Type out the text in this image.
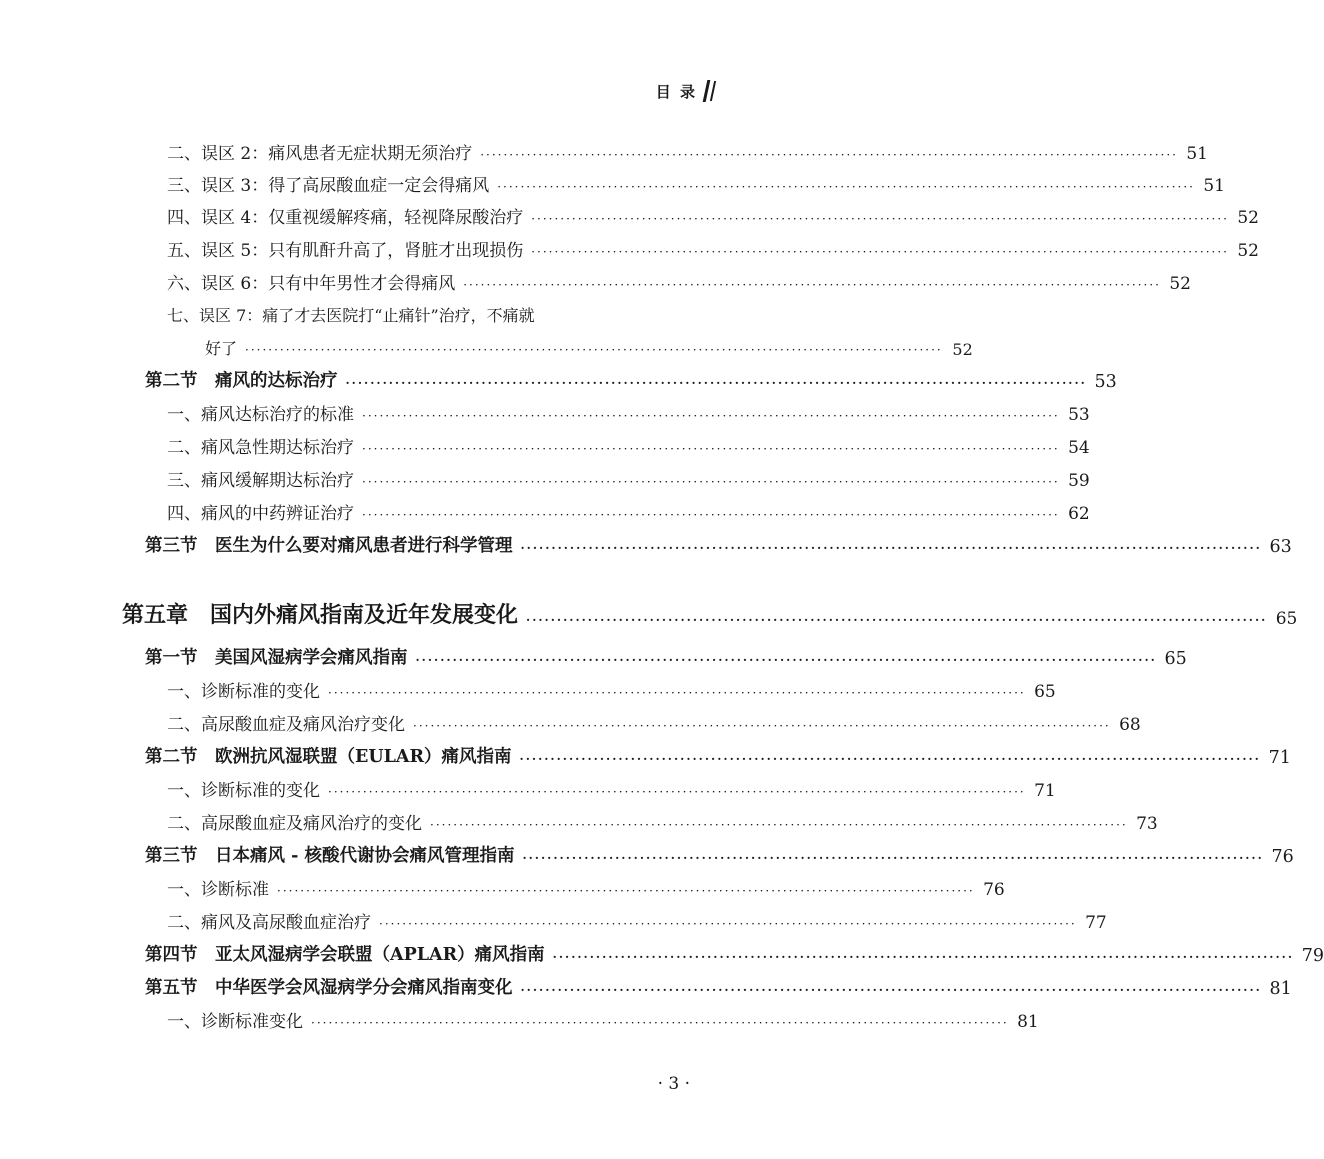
目 录
二、误区 2：痛风患者无症状期无须治疗 ························································································································ 51
三、误区 3：得了高尿酸血症一定会得痛风 ························································································································ 51
四、误区 4：仅重视缓解疼痛，轻视降尿酸治疗 ························································································································ 52
五、误区 5：只有肌酐升高了，肾脏才出现损伤 ························································································································ 52
六、误区 6：只有中年男性才会得痛风 ························································································································ 52
七、误区 7：痛了才去医院打“止痛针”治疗，不痛就
好了 ························································································································ 52
第二节　痛风的达标治疗 ························································································································ 53
一、痛风达标治疗的标准 ························································································································ 53
二、痛风急性期达标治疗 ························································································································ 54
三、痛风缓解期达标治疗 ························································································································ 59
四、痛风的中药辨证治疗 ························································································································ 62
第三节　医生为什么要对痛风患者进行科学管理 ························································································································ 63
第五章　国内外痛风指南及近年发展变化 ························································································································ 65
第一节　美国风湿病学会痛风指南 ························································································································ 65
一、诊断标准的变化 ························································································································ 65
二、高尿酸血症及痛风治疗变化 ························································································································ 68
第二节　欧洲抗风湿联盟（EULAR）痛风指南 ························································································································ 71
一、诊断标准的变化 ························································································································ 71
二、高尿酸血症及痛风治疗的变化 ························································································································ 73
第三节　日本痛风 - 核酸代谢协会痛风管理指南 ························································································································ 76
一、诊断标准 ························································································································ 76
二、痛风及高尿酸血症治疗 ························································································································ 77
第四节　亚太风湿病学会联盟（APLAR）痛风指南 ························································································································ 79
第五节　中华医学会风湿病学分会痛风指南变化 ························································································································ 81
一、诊断标准变化 ························································································································ 81
· 3 ·
